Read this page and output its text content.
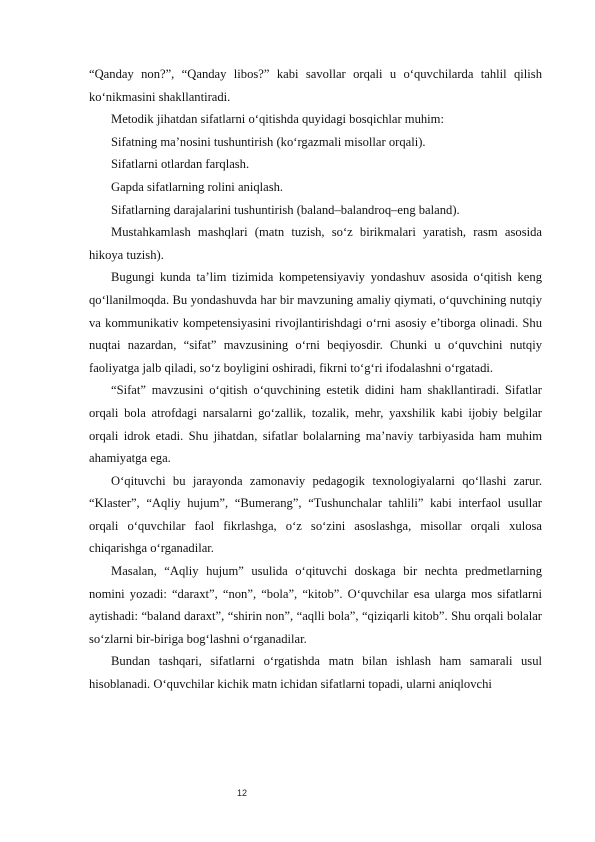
“Qanday non?”, “Qanday libos?” kabi savollar orqali u o‘quvchilarda tahlil qilish ko‘nikmasini shakllantiradi.

Metodik jihatdan sifatlarni o‘qitishda quyidagi bosqichlar muhim:

Sifatning ma’nosini tushuntirish (ko‘rgazmali misollar orqali).

Sifatlarni otlardan farqlash.

Gapda sifatlarning rolini aniqlash.

Sifatlarning darajalarini tushuntirish (baland–balandroq–eng baland).

Mustahkamlash mashqlari (matn tuzish, so‘z birikmalari yaratish, rasm asosida hikoya tuzish).

Bugungi kunda ta’lim tizimida kompetensiyaviy yondashuv asosida o‘qitish keng qo‘llanilmoqda. Bu yondashuvda har bir mavzuning amaliy qiymati, o‘quvchining nutqiy va kommunikativ kompetensiyasini rivojlantirishdagi o‘rni asosiy e’tiborga olinadi. Shu nuqtai nazardan, “sifat” mavzusining o‘rni beqiyosdir. Chunki u o‘quvchini nutqiy faoliyatga jalb qiladi, so‘z boyligini oshiradi, fikrni to‘g‘ri ifodalashni o‘rgatadi.

“Sifat” mavzusini o‘qitish o‘quvchining estetik didini ham shakllantiradi. Sifatlar orqali bola atrofdagi narsalarni go‘zallik, tozalik, mehr, yaxshilik kabi ijobiy belgilar orqali idrok etadi. Shu jihatdan, sifatlar bolalarning ma’naviy tarbiyasida ham muhim ahamiyatga ega.

O‘qituvchi bu jarayonda zamonaviy pedagogik texnologiyalarni qo‘llashi zarur. “Klaster”, “Aqliy hujum”, “Bumerang”, “Tushunchalar tahlili” kabi interfaol usullar orqali o‘quvchilar faol fikrlashga, o‘z so‘zini asoslashga, misollar orqali xulosa chiqarishga o‘rganadilar.

Masalan, “Aqliy hujum” usulida o‘qituvchi doskaga bir nechta predmetlarning nomini yozadi: “daraxt”, “non”, “bola”, “kitob”. O‘quvchilar esa ularga mos sifatlarni aytishadi: “baland daraxt”, “shirin non”, “aqlli bola”, “qiziqarli kitob”. Shu orqali bolalar so‘zlarni bir-biriga bog‘lashni o‘rganadilar.

Bundan tashqari, sifatlarni o‘rgatishda matn bilan ishlash ham samarali usul hisoblanadi. O‘quvchilar kichik matn ichidan sifatlarni topadi, ularni aniqlovchi

12
